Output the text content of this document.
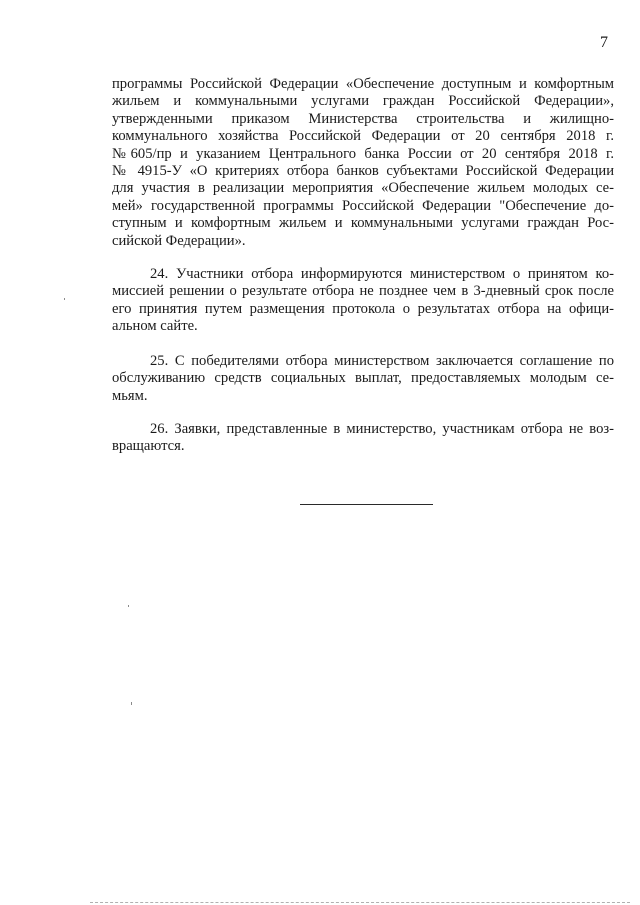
7
программы Российской Федерации «Обеспечение доступным и комфортным
жильем и коммунальными услугами граждан Российской Федерации»,
утвержденными приказом Министерства строительства и жилищно-
коммунального хозяйства Российской Федерации от 20 сентября 2018 г.
№605/пр и указанием Центрального банка России от 20 сентября 2018 г.
№ 4915-У «О критериях отбора банков субъектами Российской Федерации
для участия в реализации мероприятия «Обеспечение жильем молодых се-
мей» государственной программы Российской Федерации "Обеспечение до-
ступным и комфортным жильем и коммунальными услугами граждан Рос-
сийской Федерации».
24. Участники отбора информируются министерством о принятом ко-
миссией решении о результате отбора не позднее чем в 3-дневный срок после
его принятия путем размещения протокола о результатах отбора на офици-
альном сайте.
25. С победителями отбора министерством заключается соглашение по
обслуживанию средств социальных выплат, предоставляемых молодым се-
мьям.
26. Заявки, представленные в министерство, участникам отбора не воз-
вращаются.
